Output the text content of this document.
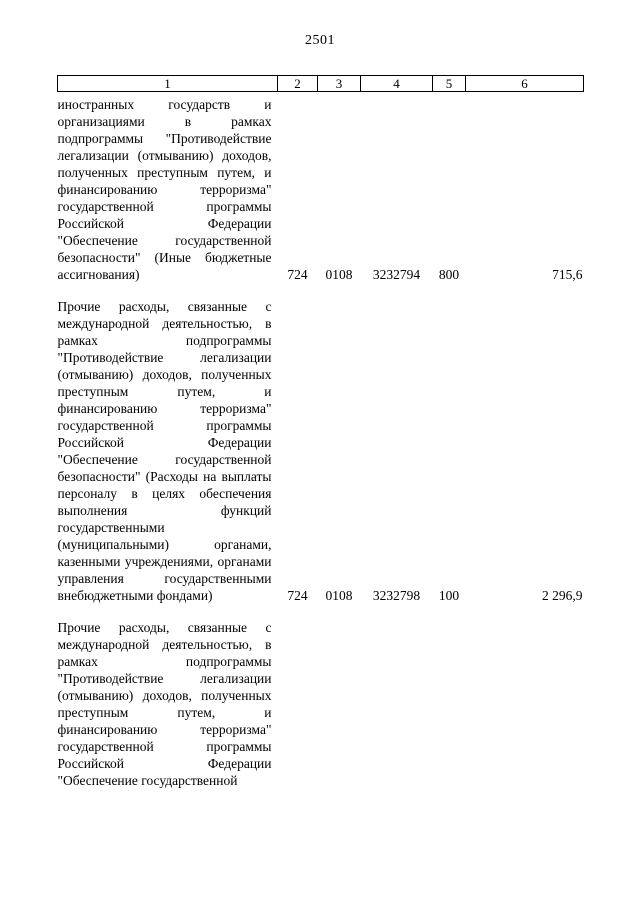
2501
1	2	3	4	5	6
иностранных государств и организациями в рамках подпрограммы "Противодействие легализации (отмыванию) доходов, полученных преступным путем, и финансированию терроризма" государственной программы Российской Федерации "Обеспечение государственной безопасности" (Иные бюджетные ассигнования)	724	0108	3232794	800	715,6
Прочие расходы, связанные с международной деятельностью, в рамках подпрограммы "Противодействие легализации (отмыванию) доходов, полученных преступным путем, и финансированию терроризма" государственной программы Российской Федерации "Обеспечение государственной безопасности" (Расходы на выплаты персоналу в целях обеспечения выполнения функций государственными (муниципальными) органами, казенными учреждениями, органами управления государственными внебюджетными фондами)	724	0108	3232798	100	2 296,9
Прочие расходы, связанные с международной деятельностью, в рамках подпрограммы "Противодействие легализации (отмыванию) доходов, полученных преступным путем, и финансированию терроризма" государственной программы Российской Федерации "Обеспечение государственной					
